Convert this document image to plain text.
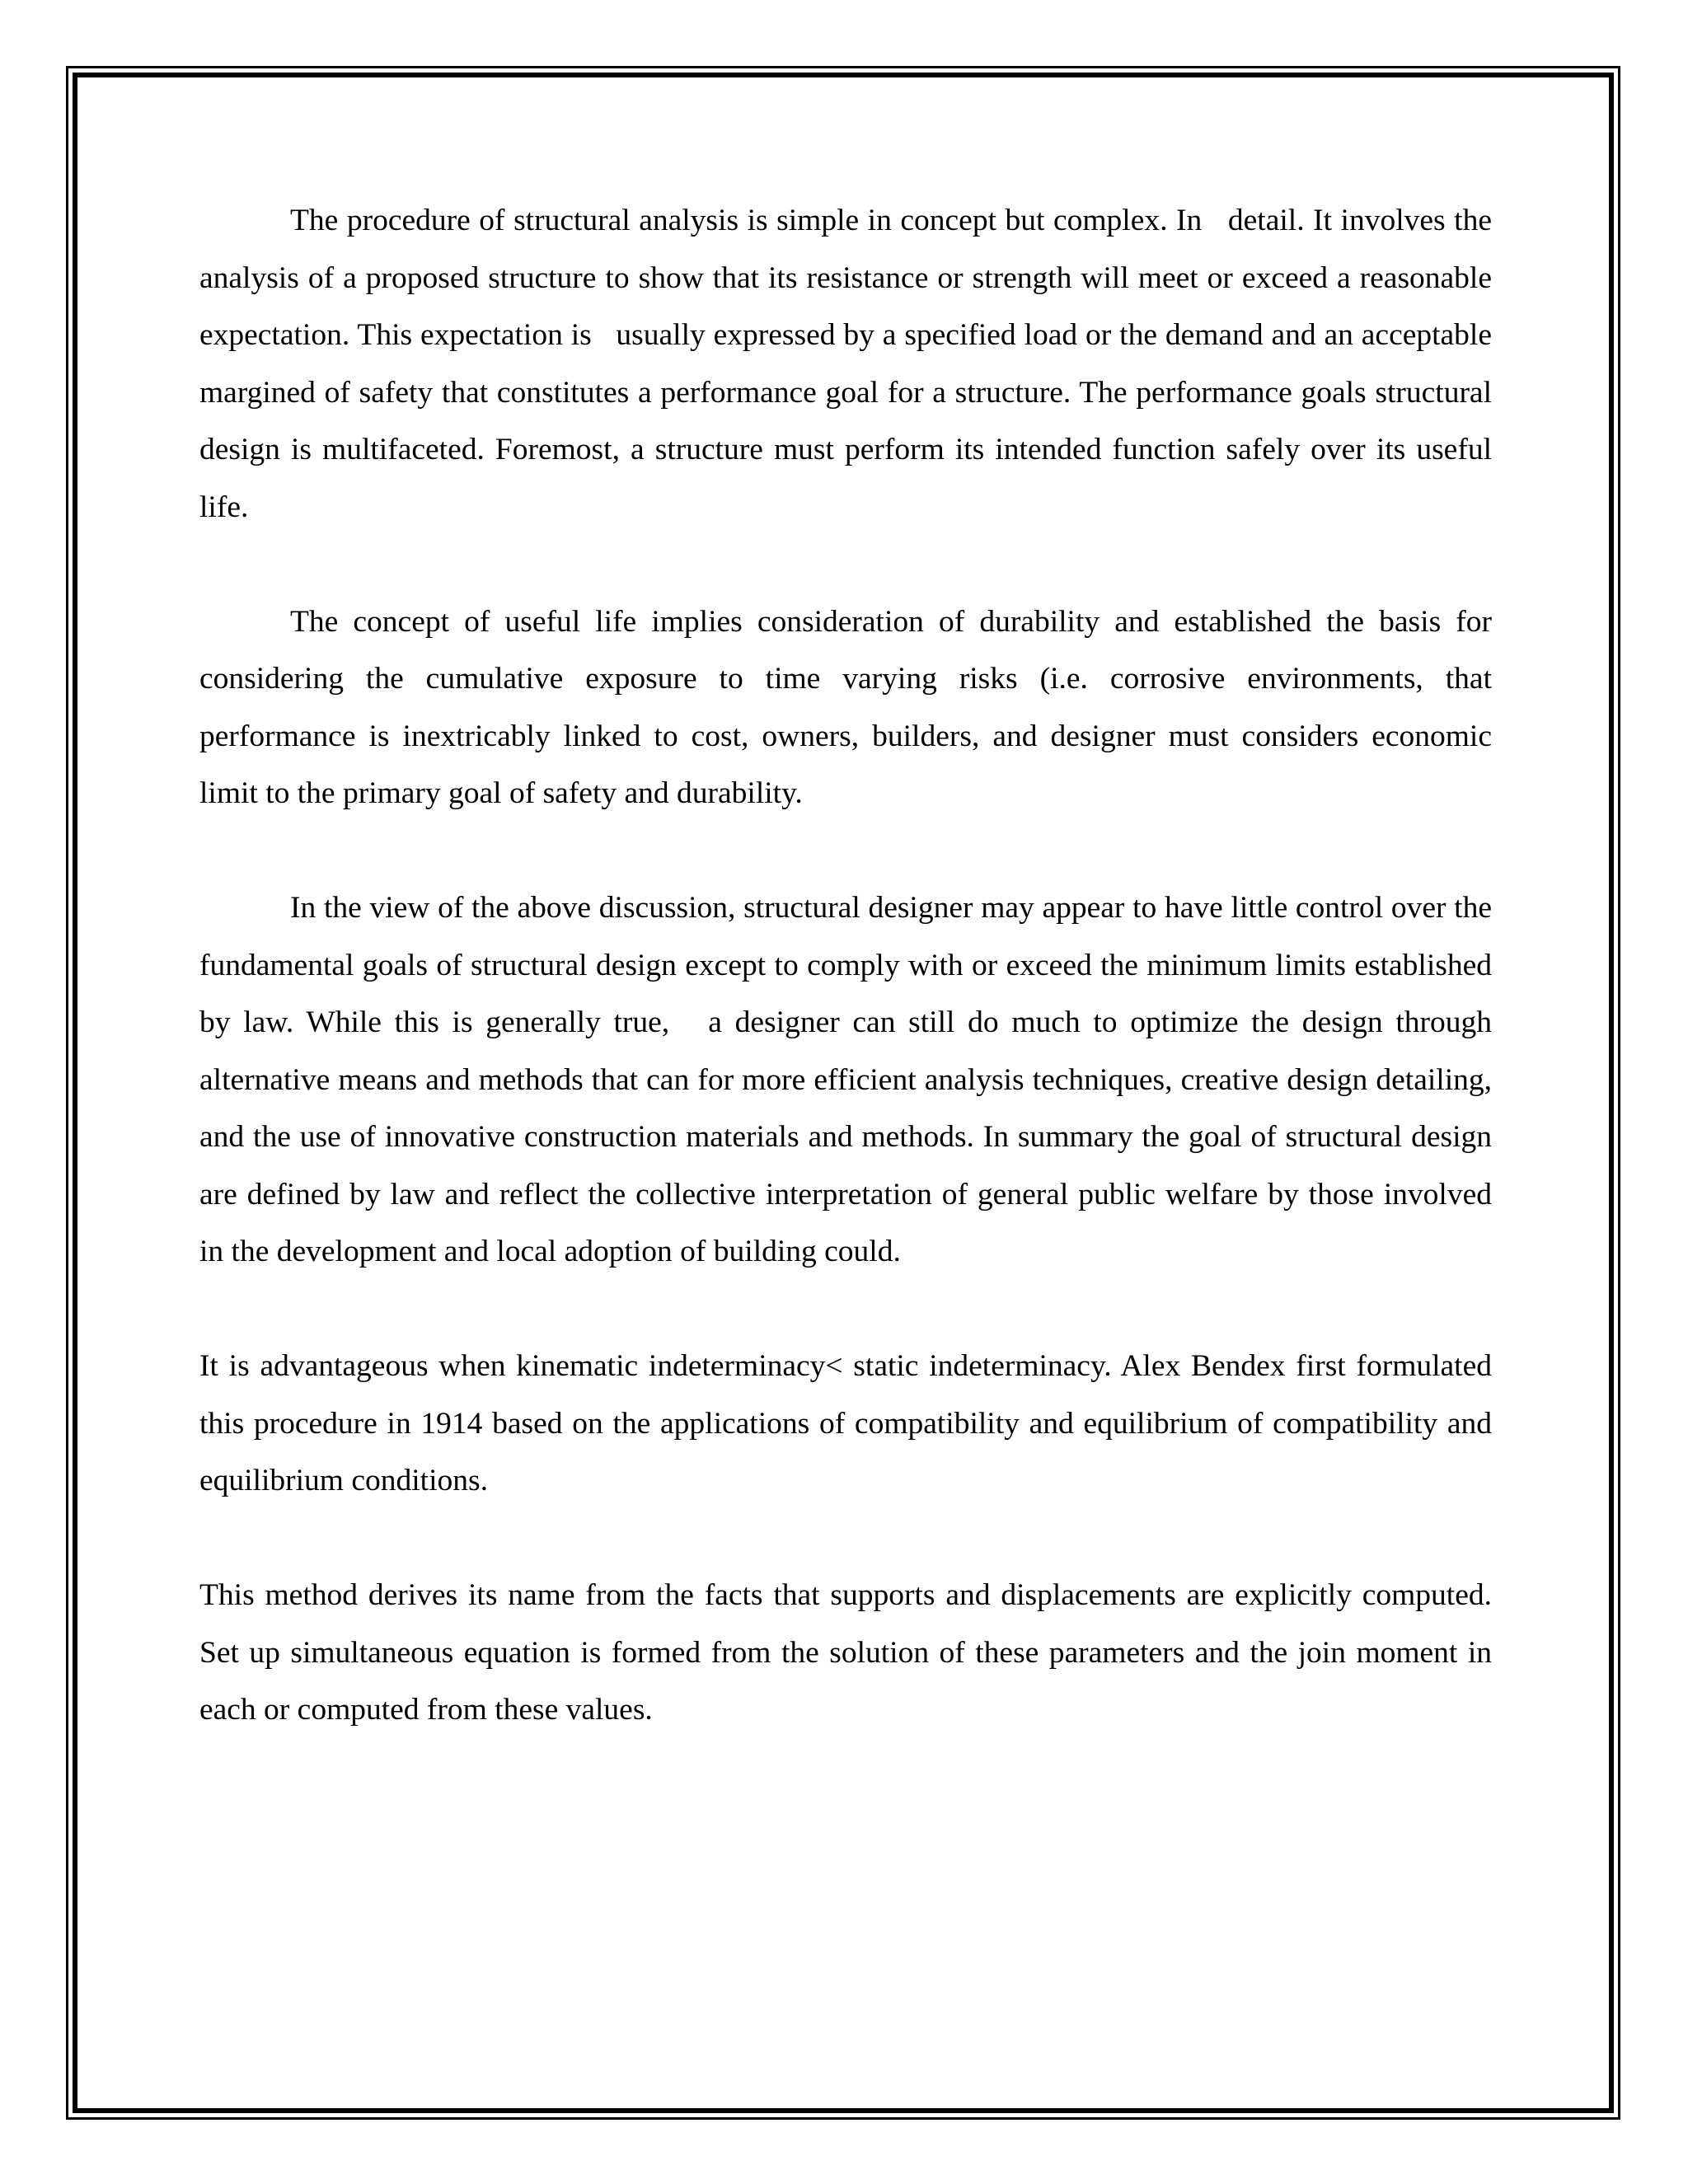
The procedure of structural analysis is simple in concept but complex. In   detail. It involves the analysis of a proposed structure to show that its resistance or strength will meet or exceed a reasonable expectation. This expectation is   usually expressed by a specified load or the demand and an acceptable margined of safety that constitutes a performance goal for a structure. The performance goals structural design is multifaceted. Foremost, a structure must perform its intended function safely over its useful life.

The concept of useful life implies consideration of durability and established the basis for considering the cumulative exposure to time varying risks (i.e. corrosive environments, that performance is inextricably linked to cost, owners, builders, and designer must considers economic limit to the primary goal of safety and durability.

In the view of the above discussion, structural designer may appear to have little control over the fundamental goals of structural design except to comply with or exceed the minimum limits established by law. While this is generally true,   a designer can still do much to optimize the design through alternative means and methods that can for more efficient analysis techniques, creative design detailing, and the use of innovative construction materials and methods. In summary the goal of structural design are defined by law and reflect the collective interpretation of general public welfare by those involved in the development and local adoption of building could.

It is advantageous when kinematic indeterminacy< static indeterminacy. Alex Bendex first formulated this procedure in 1914 based on the applications of compatibility and equilibrium of compatibility and equilibrium conditions.

This method derives its name from the facts that supports and displacements are explicitly computed. Set up simultaneous equation is formed from the solution of these parameters and the join moment in each or computed from these values.
